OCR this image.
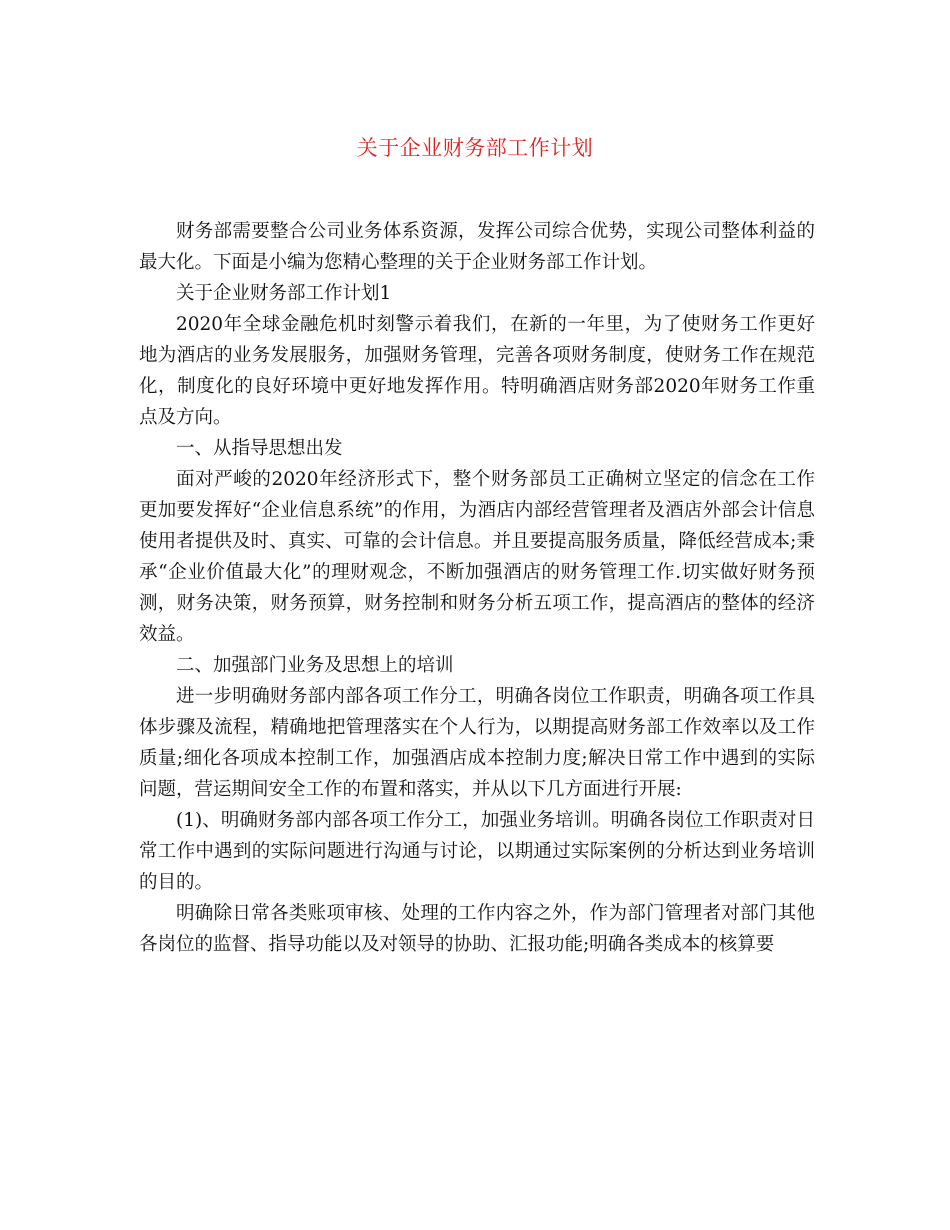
关于企业财务部工作计划

财务部需要整合公司业务体系资源，发挥公司综合优势，实现公司整体利益的最大化。下面是小编为您精心整理的关于企业财务部工作计划。

关于企业财务部工作计划1

2020年全球金融危机时刻警示着我们，在新的一年里，为了使财务工作更好地为酒店的业务发展服务，加强财务管理，完善各项财务制度，使财务工作在规范化，制度化的良好环境中更好地发挥作用。特明确酒店财务部2020年财务工作重点及方向。

一、从指导思想出发

面对严峻的2020年经济形式下，整个财务部员工正确树立坚定的信念在工作更加要发挥好“企业信息系统”的作用，为酒店内部经营管理者及酒店外部会计信息使用者提供及时、真实、可靠的会计信息。并且要提高服务质量，降低经营成本;秉承“企业价值最大化”的理财观念，不断加强酒店的财务管理工作.切实做好财务预测，财务决策，财务预算，财务控制和财务分析五项工作，提高酒店的整体的经济效益。

二、加强部门业务及思想上的培训

进一步明确财务部内部各项工作分工，明确各岗位工作职责，明确各项工作具体步骤及流程，精确地把管理落实在个人行为，以期提高财务部工作效率以及工作质量;细化各项成本控制工作，加强酒店成本控制力度;解决日常工作中遇到的实际问题，营运期间安全工作的布置和落实，并从以下几方面进行开展:

(1)、明确财务部内部各项工作分工，加强业务培训。明确各岗位工作职责对日常工作中遇到的实际问题进行沟通与讨论，以期通过实际案例的分析达到业务培训的目的。

明确除日常各类账项审核、处理的工作内容之外，作为部门管理者对部门其他各岗位的监督、指导功能以及对领导的协助、汇报功能;明确各类成本的核算要
